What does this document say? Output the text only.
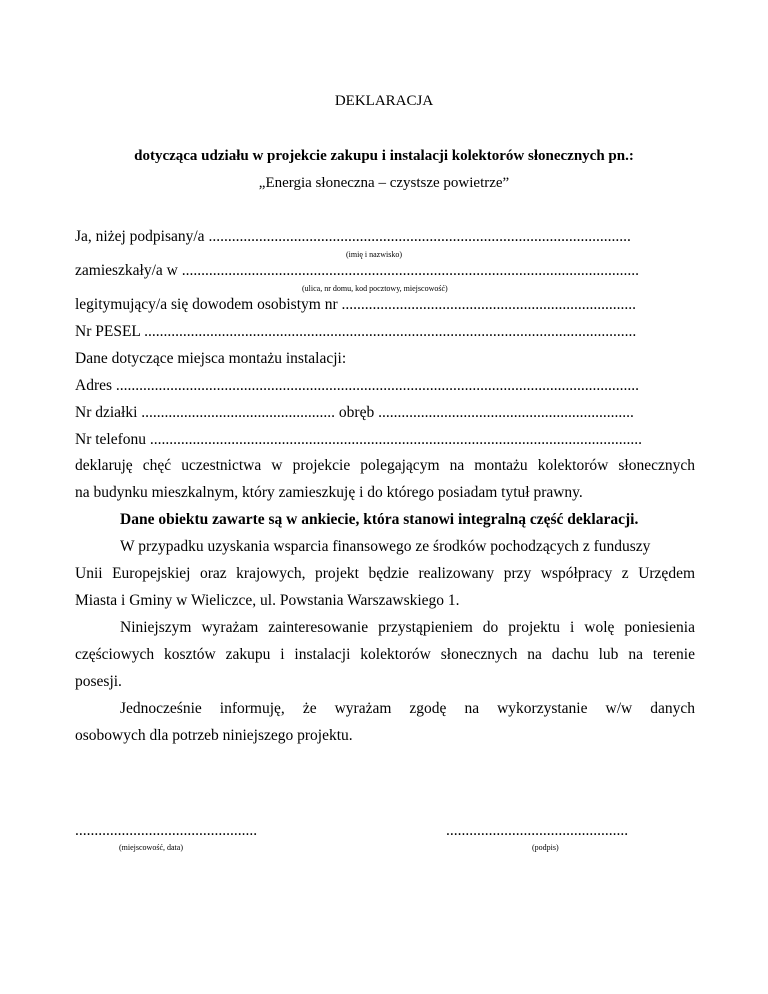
DEKLARACJA
dotycząca udziału w projekcie zakupu i instalacji kolektorów słonecznych pn.:
„Energia słoneczna – czystsze powietrze”
Ja, niżej podpisany/a .............................................................................................................
(imię i nazwisko)
zamieszkały/a w ......................................................................................................................
(ulica, nr domu, kod pocztowy, miejscowość)
legitymujący/a się dowodem osobistym nr ............................................................................
Nr PESEL ...............................................................................................................................
Dane dotyczące miejsca montażu instalacji:
Adres .......................................................................................................................................
Nr działki .................................................. obręb ..................................................................
Nr telefonu ...............................................................................................................................
deklaruję chęć uczestnictwa w projekcie polegającym na montażu kolektorów słonecznych
na budynku mieszkalnym, który zamieszkuję i do którego posiadam tytuł prawny.
Dane obiektu zawarte są w ankiecie, która stanowi integralną część deklaracji.
W przypadku uzyskania wsparcia finansowego ze środków pochodzących z funduszy
Unii Europejskiej oraz krajowych, projekt będzie realizowany przy współpracy z Urzędem
Miasta i Gminy w Wieliczce, ul. Powstania Warszawskiego 1.
Niniejszym wyrażam zainteresowanie przystąpieniem do projektu i wolę poniesienia
częściowych kosztów zakupu i instalacji kolektorów słonecznych na dachu lub na terenie
posesji.
Jednocześnie informuję, że wyrażam zgodę na wykorzystanie w/w danych
osobowych dla potrzeb niniejszego projektu.
...............................................
(miejscowość, data)
...............................................
(podpis)
